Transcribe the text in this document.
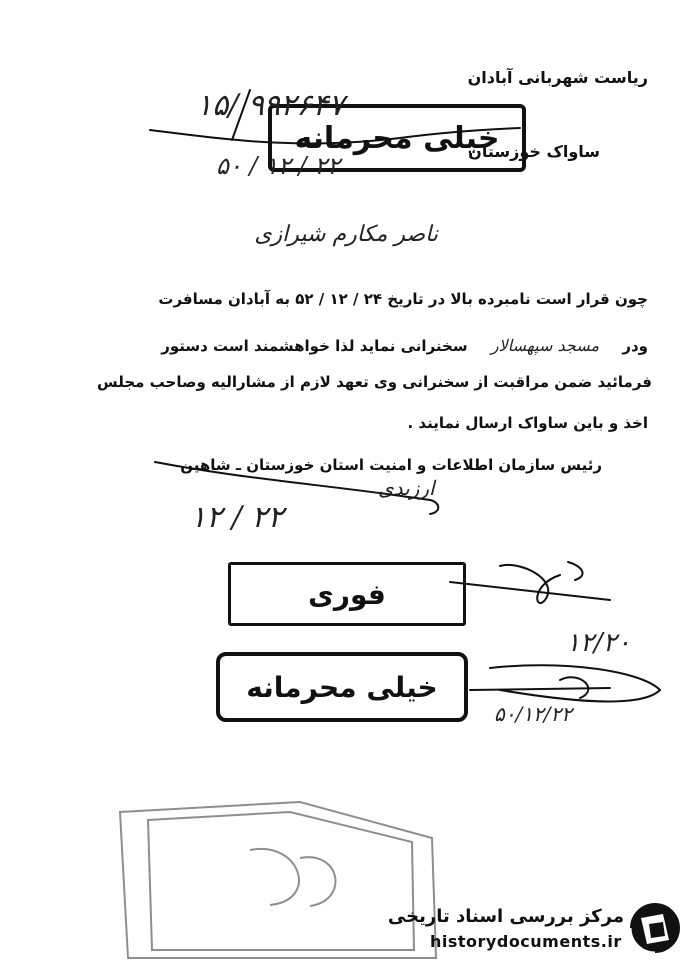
ریاست شهربانی آبادان
خیلی محرمانه
۱۵/ ۹۹۲۶۴۷
ساواک خوزستان
۵۰ / ۱۲ / ۲۲
ناصر مکارم شیرازی
چون قرار است نامبرده بالا در تاریخ ۲۴ / ۱۲ / ۵۲ به آبادان مسافرت
ودر مسجد سپهسالار سخنرانی نماید لذا خواهشمند است دستور
فرمائید ضمن مراقبت از سخنرانی وی تعهد لازم از مشارالیه وصاحب مجلس
اخذ و باین ساواک ارسال نمایند .
رئیس سازمان اطلاعات و امنیت استان خوزستان ـ شاهین
ارزیدی
۱۲ / ۲۲
فوری
خیلی محرمانه
۱۲/۲۰
۵۰/۱۲/۲۲
مرکز بررسی اسناد تاریخی
historydocuments.ir
